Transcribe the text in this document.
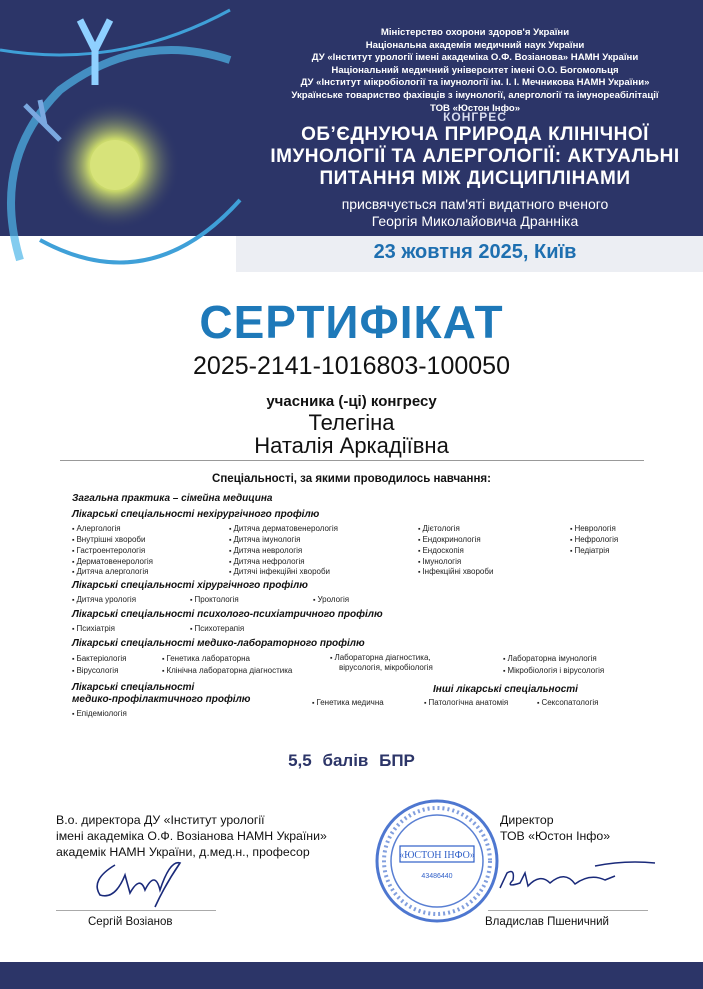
Міністерство охорони здоров'я України
Національна академія медичний наук України
ДУ «Інститут урології імені академіка О.Ф. Возіанова» НАМН України
Національний медичний університет імені О.О. Богомольця
ДУ «Інститут мікробіології та імунології ім. І. І. Мечникова НАМН України»
Українське товариство фахівців з імунології, алергології та імунореабілітації
ТОВ «Юстон Інфо»
КОНГРЕС
ОБ’ЄДНУЮЧА ПРИРОДА КЛІНІЧНОЇ
ІМУНОЛОГІЇ ТА АЛЕРГОЛОГІЇ: АКТУАЛЬНІ
ПИТАННЯ МІЖ ДИСЦИПЛІНАМИ
присвячується пам'яті видатного вченого
Георгія Миколайовича Дранніка
23 жовтня 2025, Київ
СЕРТИФІКАТ
2025-2141-1016803-100050
учасника (-ці) конгресу
Телегіна
Наталія Аркадіївна
Спеціальності, за якими проводилось навчання:
Загальна практика – сімейна медицина
Лікарські спеціальності нехірургічного профілю
▪ Алергологія
▪ Внутрішні хвороби
▪ Гастроентерологія
▪ Дерматовенерологія
▪ Дитяча алергологія
▪ Дитяча дерматовенерологія
▪ Дитяча імунологія
▪ Дитяча неврологія
▪ Дитяча нефрологія
▪ Дитячі інфекційні хвороби
▪ Дієтологія
▪ Ендокринологія
▪ Ендоскопія
▪ Імунологія
▪ Інфекційні хвороби
▪ Неврологія
▪ Нефрологія
▪ Педіатрія
Лікарські спеціальності хірургічного профілю
▪ Дитяча урологія	▪ Проктологія	▪ Урологія
Лікарські спеціальності психолого-психіатричного профілю
▪ Психіатрія	▪ Психотерапія
Лікарські спеціальності медико-лабораторного профілю
▪ Бактеріологія
▪ Вірусологія
▪ Генетика лабораторна
▪ Клінічна лабораторна діагностика
▪ Лабораторна діагностика,
вірусологія, мікробіологія
▪ Лабораторна імунологія
▪ Мікробіологія і вірусологія
Лікарські спеціальності
медико-профілактичного профілю
▪ Епідеміологія
Інші лікарські спеціальності
▪ Генетика медична	▪ Патологічна анатомія	▪ Сексопатологія
5,5 балів БПР
В.о. директора ДУ «Інститут урології
імені академіка О.Ф. Возіанова НАМН України»
академік НАМН України, д.мед.н., професор
Сергій Возіанов
«ЮСТОН ІНФО»
43486440
Директор
ТОВ «Юстон Інфо»
Владислав Пшеничний
